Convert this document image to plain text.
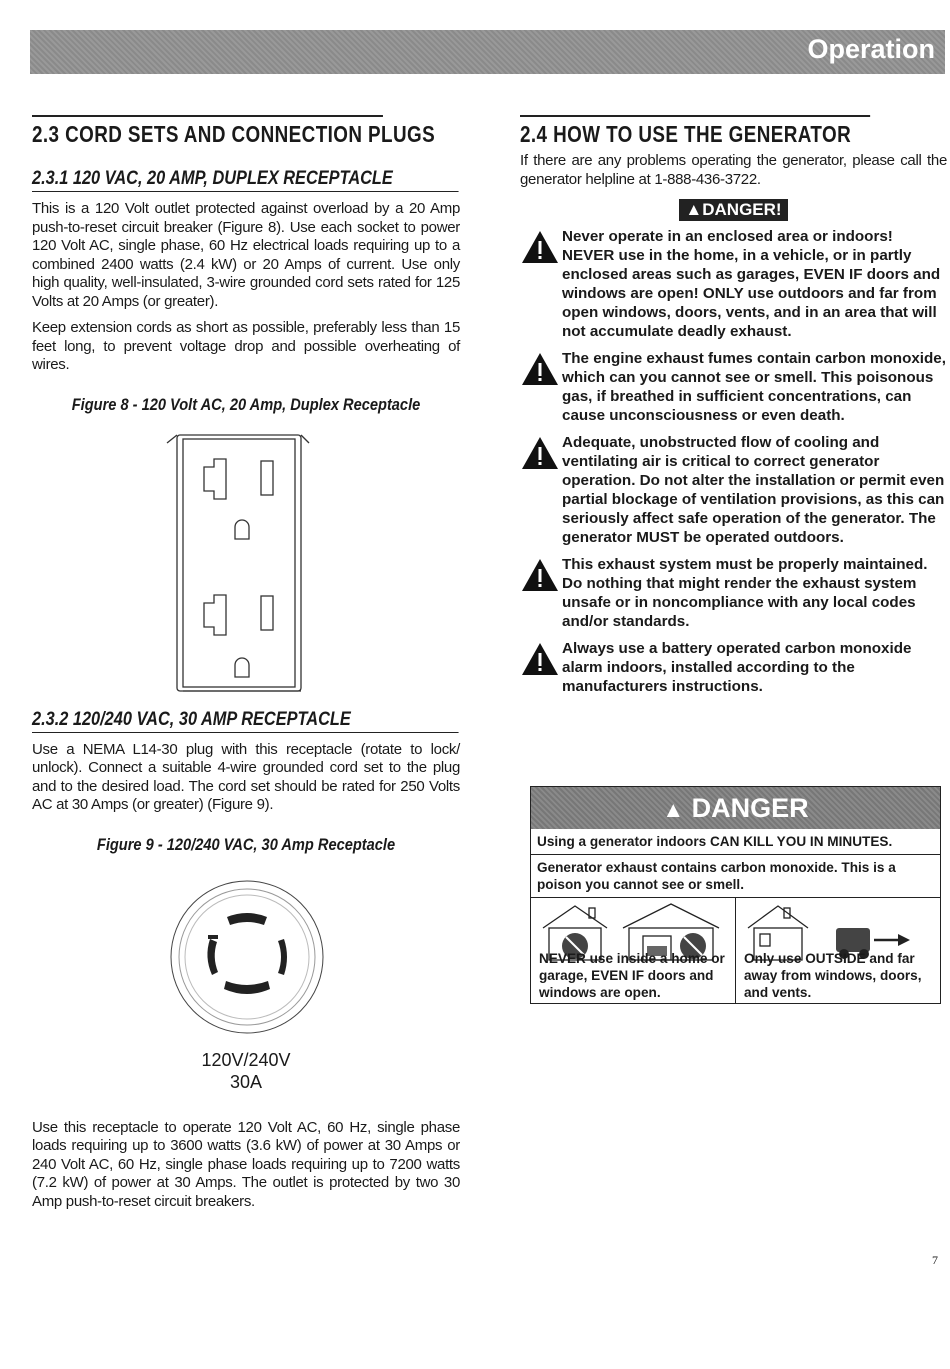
Operation
2.3 CORD SETS AND CONNECTION PLUGS
2.3.1 120 VAC, 20 AMP, DUPLEX RECEPTACLE

This is a 120 Volt outlet protected against overload by a 20 Amp push-to-reset circuit breaker (Figure 8). Use each socket to power 120 Volt AC, single phase, 60 Hz electrical loads requiring up to a combined 2400 watts (2.4 kW) or 20 Amps of current. Use only high quality, well-insulated, 3-wire grounded cord sets rated for 125 Volts at 20 Amps (or greater).

Keep extension cords as short as possible, preferably less than 15 feet long, to prevent voltage drop and possible overheating of wires.

Figure 8 - 120 Volt AC, 20 Amp, Duplex Receptacle

2.3.2 120/240 VAC, 30 AMP RECEPTACLE

Use a NEMA L14-30 plug with this receptacle (rotate to lock/ unlock). Connect a suitable 4-wire grounded cord set to the plug and to the desired load. The cord set should be rated for 250 Volts AC at 30 Amps (or greater) (Figure 9).

Figure 9 - 120/240 VAC, 30 Amp Receptacle

120V/240V
30A

Use this receptacle to operate 120 Volt AC, 60 Hz, single phase loads requiring up to 3600 watts (3.6 kW) of power at 30 Amps or 240 Volt AC, 60 Hz, single phase loads requiring up to 7200 watts (7.2 kW) of power at 30 Amps. The outlet is protected by two 30 Amp push-to-reset circuit breakers.

2.4 HOW TO USE THE GENERATOR

If there are any problems operating the generator, please call the generator helpline at 1-888-436-3722.

▲DANGER!
Never operate in an enclosed area or indoors! NEVER use in the home, in a vehicle, or in partly enclosed areas such as garages, EVEN IF doors and windows are open! ONLY use outdoors and far from open windows, doors, vents, and in an area that will not accumulate deadly exhaust.
The engine exhaust fumes contain carbon monoxide, which can you cannot see or smell. This poisonous gas, if breathed in sufficient concentrations, can cause unconsciousness or even death.
Adequate, unobstructed flow of cooling and ventilating air is critical to correct generator operation. Do not alter the installation or permit even partial blockage of ventilation provisions, as this can seriously affect safe operation of the generator. The generator MUST be operated outdoors.
This exhaust system must be properly maintained. Do nothing that might render the exhaust system unsafe or in noncompliance with any local codes and/or standards.
Always use a battery operated carbon monoxide alarm indoors, installed according to the manufacturers instructions.
▲ DANGER

Using a generator indoors CAN KILL YOU IN MINUTES.

Generator exhaust contains carbon monoxide. This is a poison you cannot see or smell.

NEVER use inside a home or garage, EVEN IF doors and windows are open.

Only use OUTSIDE and far away from windows, doors, and vents.

7
